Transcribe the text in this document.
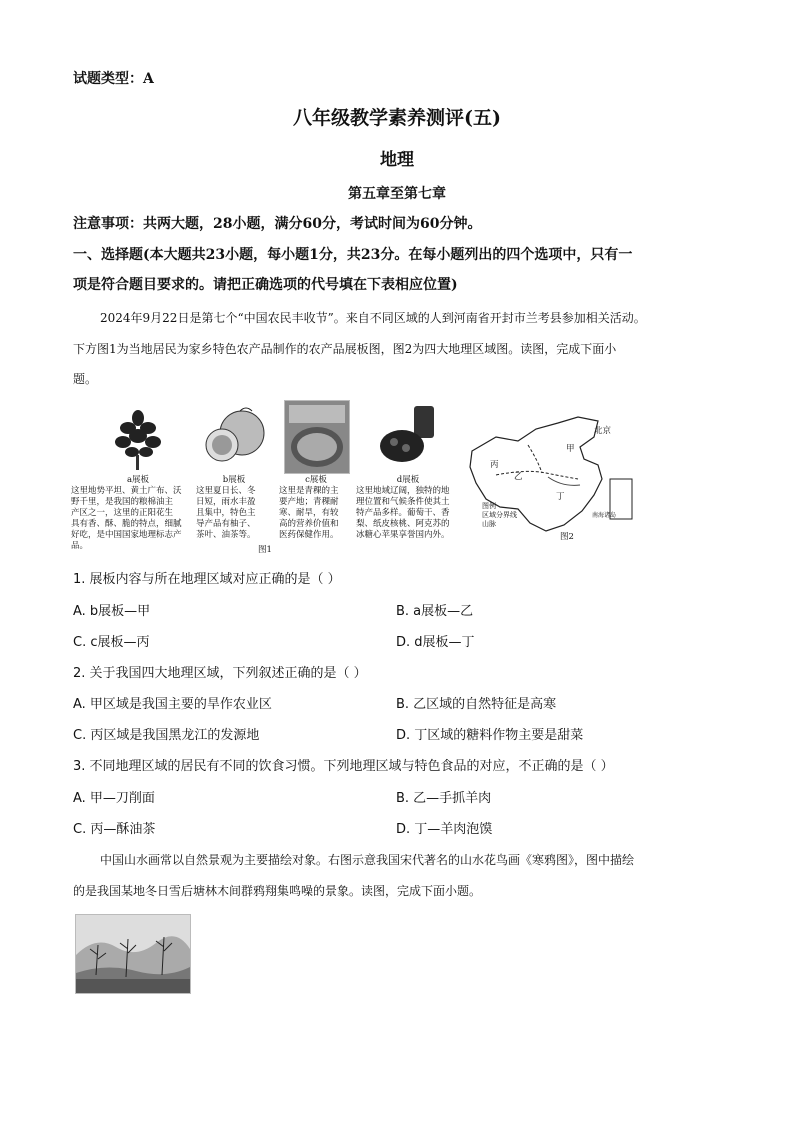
试题类型：A
八年级教学素养测评(五)
地理
第五章至第七章
注意事项：共两大题，28小题，满分60分，考试时间为60分钟。
一、选择题(本大题共23小题，每小题1分，共23分。在每小题列出的四个选项中，只有一
项是符合题目要求的。请把正确选项的代号填在下表相应位置)
2024年9月22日是第七个“中国农民丰收节”。来自不同区域的人到河南省开封市兰考县参加相关活动。
下方图1为当地居民为家乡特色农产品制作的农产品展板图，图2为四大地理区域图。读图，完成下面小
题。
a展板
这里地势平坦、黄土广布、沃
野千里，是我国的粮棉油主
产区之一，这里的正阳花生
具有香、酥、脆的特点，细腻
好吃，是中国国家地理标志产品。
b展板
这里夏日长、冬
日短，雨水丰盈
且集中，特色主
导产品有柚子、
茶叶、油茶等。
c展板
这里是青稞的主
要产地；青稞耐
寒、耐旱，有较
高的营养价值和
医药保健作用。
d展板
这里地域辽阔，独特的地
理位置和气候条件使其土
特产品多样。葡萄干、香
梨、纸皮核桃、阿克苏的
冰糖心苹果享誉国内外。
图1
甲
乙
丙
丁
北京
图例
区域分界线
山脉
南海诸岛
图2
1. 展板内容与所在地理区域对应正确的是（ ）
A. b展板—甲	B. a展板—乙
C. c展板—丙	D. d展板—丁
2. 关于我国四大地理区域，下列叙述正确的是（ ）
A. 甲区域是我国主要的旱作农业区	B. 乙区域的自然特征是高寒
C. 丙区域是我国黑龙江的发源地	D. 丁区域的糖料作物主要是甜菜
3. 不同地理区域的居民有不同的饮食习惯。下列地理区域与特色食品的对应，不正确的是（ ）
A. 甲—刀削面	B. 乙—手抓羊肉
C. 丙—酥油茶	D. 丁—羊肉泡馍
中国山水画常以自然景观为主要描绘对象。右图示意我国宋代著名的山水花鸟画《寒鸦图》，图中描绘
的是我国某地冬日雪后塘林木间群鸦翔集鸣噪的景象。读图，完成下面小题。
